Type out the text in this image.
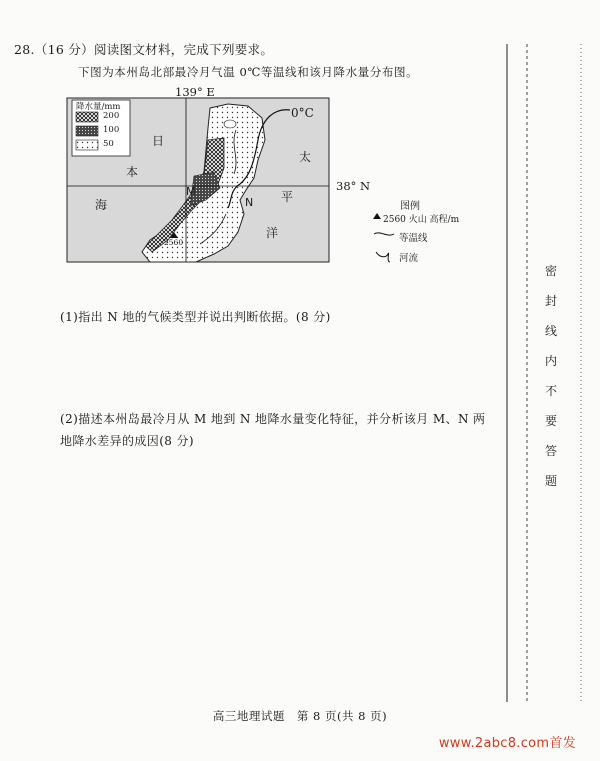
28.（16 分）阅读图文材料，完成下列要求。
下图为本州岛北部最冷月气温 0℃等温线和该月降水量分布图。
139° E
38° N
0°C
降水量/mm
200
100
50	日
本
海
太
平
洋
M
N
2560
图例
2560 火山 高程/m
等温线
河流
(1)指出 N 地的气候类型并说出判断依据。(8 分)
(2)描述本州岛最冷月从 M 地到 N 地降水量变化特征，并分析该月 M、N 两地降水差异的成因(8 分)
密
封
线
内
不
要
答
题
高三地理试题　第 8 页(共 8 页)
www.2abc8.com首发
